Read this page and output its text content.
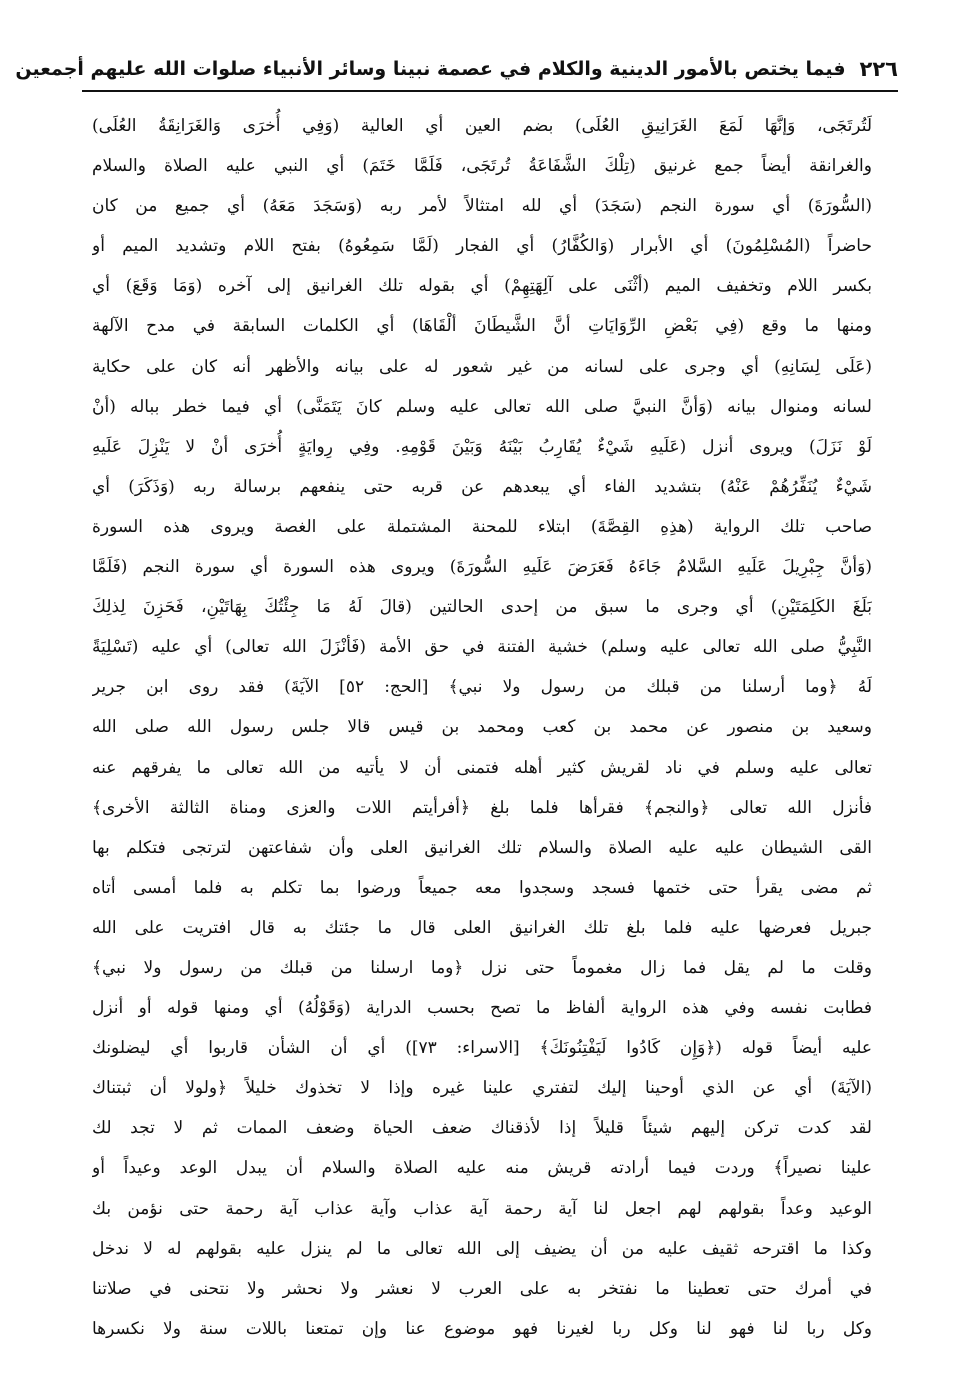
٢٢٦
فيما يختص بالأمور الدينية والكلام في عصمة نبينا وسائر الأنبياء صلوات الله عليهم أجمعين
لَتُرتَجَى، وَإنَّهَا لَمَعَ الغَرَانِيقِ العُلَى) بضم العين أي العالية (وَفِي أُخرَى وَالغَرَانِقَةُ العُلَى)
والغرانقة أيضاً جمع غرنيق (تِلْكَ الشَّفَاعَةُ تُرتَجَى، فَلَمَّا خَتَمَ) أي النبي عليه الصلاة والسلام
(السُّورَةَ) أي سورة النجم (سَجَدَ) أي لله امتثالاً لأمر ربه (وَسَجَدَ مَعَهُ) أي جميع من كان
حاضراً (المُسْلِمُونَ) أي الأبرار (وَالكُفَّارُ) أي الفجار (لَمَّا سَمِعُوهُ) بفتح اللام وتشديد الميم أو
بكسر اللام وتخفيف الميم (أثْنَى على آلِهَتِهِمْ) أي بقوله تلك الغرانيق إلى آخره (وَمَا وَقَعَ) أي
ومنها ما وقع (فِي بَعْضِ الرِّوَايَاتِ أنَّ الشَّيطَانَ ألْقَاهَا) أي الكلمات السابقة في مدح الآلهة
(عَلَى لِسَانِهِ) أي وجرى على لسانه من غير شعور له على بيانه والأظهر أنه كان على حكاية
لسانه ومنوال بيانه (وَأنَّ النبيَّ صلى الله تعالى عليه وسلم كانَ يَتَمَنَّى) أي فيما خطر بباله (أنْ
لَوْ نَزَلَ) ويروى أنزل (عَلَيهِ شَيْءٌ يُقَارِبُ بَيْنَهُ وَبَيْنَ قَوْمِهِ. وفِي رِوايَةٍ أُخرَى أنْ لا يَنْزِلَ عَلَيهِ
شَيْءٌ يُنَفِّرُهُمْ عَنْهُ) بتشديد الفاء أي يبعدهم عن قربه حتى ينفعهم برسالة ربه (وَذَكَرَ) أي
صاحب تلك الرواية (هذِهِ القِصَّةَ) ابتلاء للمحنة المشتملة على الغصة ويروى هذه السورة
(وَأنَّ جِبْرِيلَ عَلَيهِ السَّلامُ جَاءَهُ فَعَرَضَ عَلَيهِ السُّورَةَ) ويروى هذه السورة أي سورة النجم (فَلَمَّا
بَلَغَ الكَلِمَتَيْنِ) أي وجرى ما سبق من إحدى الحالتين (قالَ لَهُ مَا جِئْتُكَ بِهَاتَيْنِ، فَحَزِنَ لِذلِكَ
النَّبِيُّ صلى الله تعالى عليه وسلم) خشية الفتنة في حق الأمة (فَأنْزَلَ الله تعالى) أي عليه (تَسْلِيَةً
لَهُ ﴿وما أرسلنا من قبلك من رسول ولا نبي﴾ [الحج: ٥٢] الآيَةَ) فقد روى ابن جرير
وسعيد بن منصور عن محمد بن كعب ومحمد بن قيس قالا جلس رسول الله صلى الله
تعالى عليه وسلم في ناد لقريش كثير أهله فتمنى أن لا يأتيه من الله تعالى ما يفرقهم عنه
فأنزل الله تعالى ﴿والنجم﴾ فقرأها فلما بلغ ﴿أفرأيتم اللات والعزى ومناة الثالثة الأخرى﴾
القى الشيطان عليه عليه الصلاة والسلام تلك الغرانيق العلى وأن شفاعتهن لترتجى فتكلم بها
ثم مضى يقرأ حتى ختمها فسجد وسجدوا معه جميعاً ورضوا بما تكلم به فلما أمسى أتاه
جبريل فعرضها عليه فلما بلغ تلك الغرانيق العلى قال ما جئتك به قال افتريت على الله
وقلت ما لم يقل فما زال مغموماً حتى نزل ﴿وما ارسلنا من قبلك من رسول ولا نبي﴾
فطابت نفسه وفي هذه الرواية ألفاظ ما تصح بحسب الدراية (وَقَوْلُهُ) أي ومنها قوله أو أنزل
عليه أيضاً قوله (﴿وَإِن كَادُوا لَيَفْتِنُونَكَ﴾ [الاسراء: ٧٣]) أي أن الشأن قاربوا أي ليضلونك
(الآيَةَ) أي عن الذي أوحينا إليك لتفتري علينا غيره وإذا لا تخذوك خليلاً ﴿ولولا أن ثبتناك
لقد كدت تركن إليهم شيئاً قليلاً إذا لأذقناك ضعف الحياة وضعف الممات ثم لا تجد لك
علينا نصيراً﴾ وردت فيما أرادته قريش منه عليه الصلاة والسلام أن يبدل الوعد وعيداً أو
الوعيد وعداً بقولهم لهم اجعل لنا آية رحمة آية عذاب وآية عذاب آية رحمة حتى نؤمن بك
وكذا ما اقترحه ثقيف عليه من أن يضيف إلى الله تعالى ما لم ينزل عليه بقولهم له لا ندخل
في أمرك حتى تعطينا ما نفتخر به على العرب لا نعشر ولا نحشر ولا نتحنى في صلاتنا
وكل ربا لنا فهو لنا وكل ربا لغيرنا فهو موضوع عنا وإن تمتعنا باللات سنة ولا نكسرها
